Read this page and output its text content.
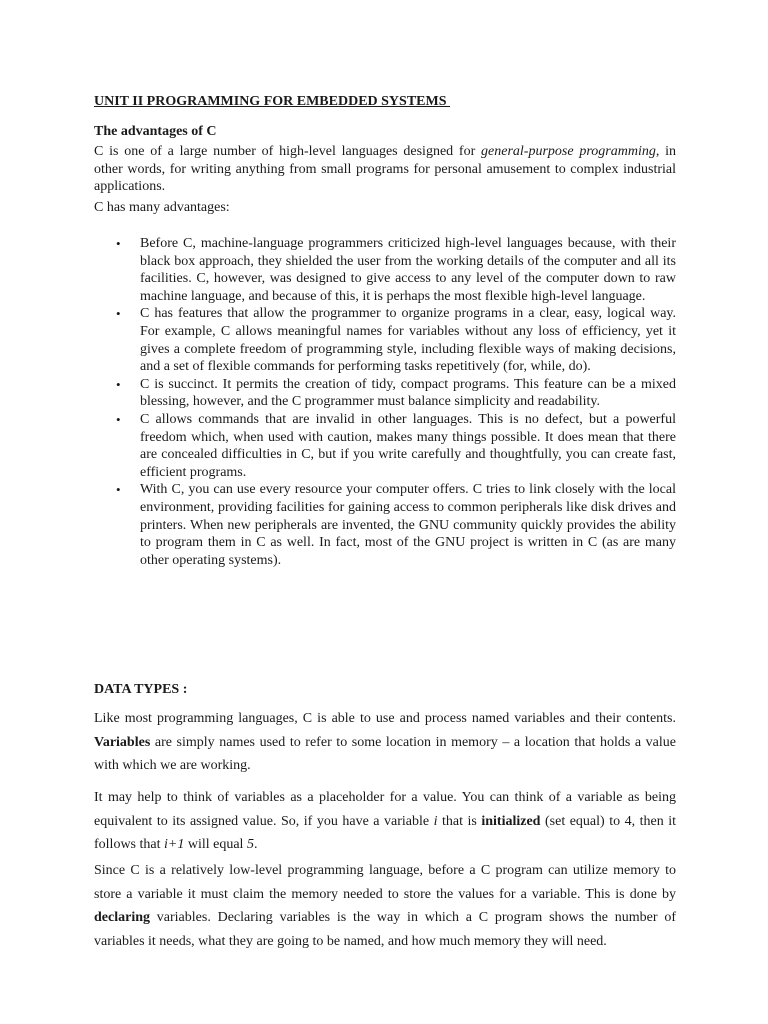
UNIT II PROGRAMMING FOR EMBEDDED SYSTEMS

The advantages of C

C is one of a large number of high-level languages designed for general-purpose programming, in other words, for writing anything from small programs for personal amusement to complex industrial applications.

C has many advantages:

• Before C, machine-language programmers criticized high-level languages because, with their black box approach, they shielded the user from the working details of the computer and all its facilities. C, however, was designed to give access to any level of the computer down to raw machine language, and because of this, it is perhaps the most flexible high-level language.
• C has features that allow the programmer to organize programs in a clear, easy, logical way. For example, C allows meaningful names for variables without any loss of efficiency, yet it gives a complete freedom of programming style, including flexible ways of making decisions, and a set of flexible commands for performing tasks repetitively (for, while, do).
• C is succinct. It permits the creation of tidy, compact programs. This feature can be a mixed blessing, however, and the C programmer must balance simplicity and readability.
• C allows commands that are invalid in other languages. This is no defect, but a powerful freedom which, when used with caution, makes many things possible. It does mean that there are concealed difficulties in C, but if you write carefully and thoughtfully, you can create fast, efficient programs.
• With C, you can use every resource your computer offers. C tries to link closely with the local environment, providing facilities for gaining access to common peripherals like disk drives and printers. When new peripherals are invented, the GNU community quickly provides the ability to program them in C as well. In fact, most of the GNU project is written in C (as are many other operating systems).

DATA TYPES :

Like most programming languages, C is able to use and process named variables and their contents. Variables are simply names used to refer to some location in memory – a location that holds a value with which we are working.

It may help to think of variables as a placeholder for a value. You can think of a variable as being equivalent to its assigned value. So, if you have a variable i that is initialized (set equal) to 4, then it follows that i+1 will equal 5.

Since C is a relatively low-level programming language, before a C program can utilize memory to store a variable it must claim the memory needed to store the values for a variable. This is done by declaring variables. Declaring variables is the way in which a C program shows the number of variables it needs, what they are going to be named, and how much memory they will need.
